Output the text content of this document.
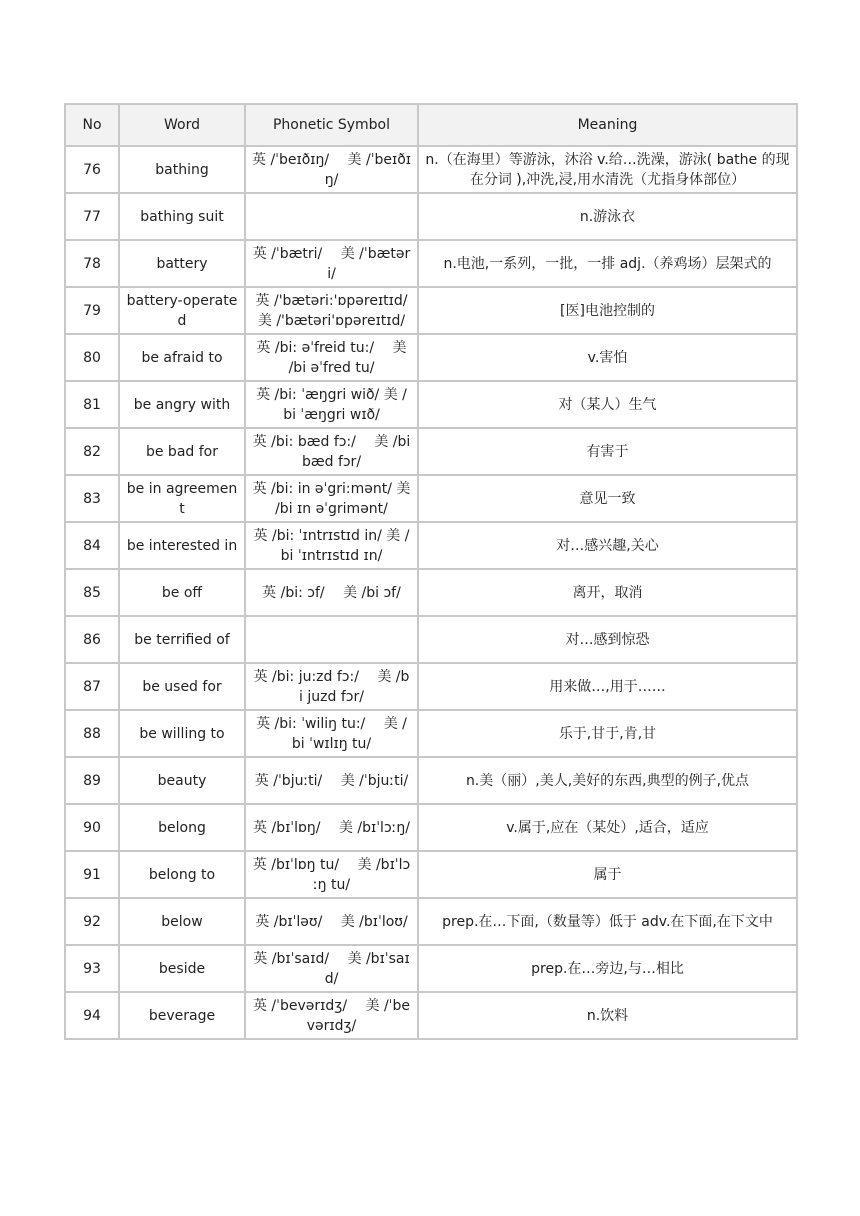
No	Word	Phonetic Symbol	Meaning
76	bathing	英 /ˈbeɪðɪŋ/　 美 /ˈbeɪðɪŋ/	n.（在海里）等游泳，沐浴 v.给…洗澡，游泳( bathe 的现在分词 ),冲洗,浸,用水清洗（尤指身体部位）
77	bathing suit		n.游泳衣
78	battery	英 /ˈbætri/　 美 /ˈbætəri/	n.电池,一系列，一批，一排 adj.（养鸡场）层架式的
79	battery-operated	英 /'bætəri:'ɒpəreɪtɪd/ 美 /'bætəri'ɒpəreɪtɪd/	[医]电池控制的
80	be afraid to	英 /bi: əˈfreid tu:/　 美 /bi əˈfred tu/	v.害怕
81	be angry with	英 /bi: ˈæŋgri wið/ 美 /bi ˈæŋgri wɪð/	对（某人）生气
82	be bad for	英 /bi: bæd fɔ:/　 美 /bi bæd fɔr/	有害于
83	be in agreement	英 /bi: in əˈgri:mənt/ 美 /bi ɪn əˈgrimənt/	意见一致
84	be interested in	英 /bi: ˈɪntrɪstɪd in/ 美 /bi ˈɪntrɪstɪd ɪn/	对…感兴趣,关心
85	be off	英 /bi: ɔf/　 美 /bi ɔf/	离开，取消
86	be terrified of		对…感到惊恐
87	be used for	英 /bi: ju:zd fɔ:/　 美 /bi juzd fɔr/	用来做…,用于……
88	be willing to	英 /bi: ˈwiliŋ tu:/　 美 /bi ˈwɪlɪŋ tu/	乐于,甘于,肯,甘
89	beauty	英 /ˈbjuːti/　 美 /ˈbjuːti/	n.美（丽）,美人,美好的东西,典型的例子,优点
90	belong	英 /bɪˈlɒŋ/　 美 /bɪˈlɔːŋ/	v.属于,应在（某处）,适合，适应
91	belong to	英 /bɪˈlɒŋ tu/　 美 /bɪˈlɔːŋ tu/	属于
92	below	英 /bɪˈləʊ/　 美 /bɪˈloʊ/	prep.在…下面,（数量等）低于 adv.在下面,在下文中
93	beside	英 /bɪˈsaɪd/　 美 /bɪˈsaɪd/	prep.在…旁边,与…相比
94	beverage	英 /ˈbevərɪdʒ/　 美 /ˈbevərɪdʒ/	n.饮料
